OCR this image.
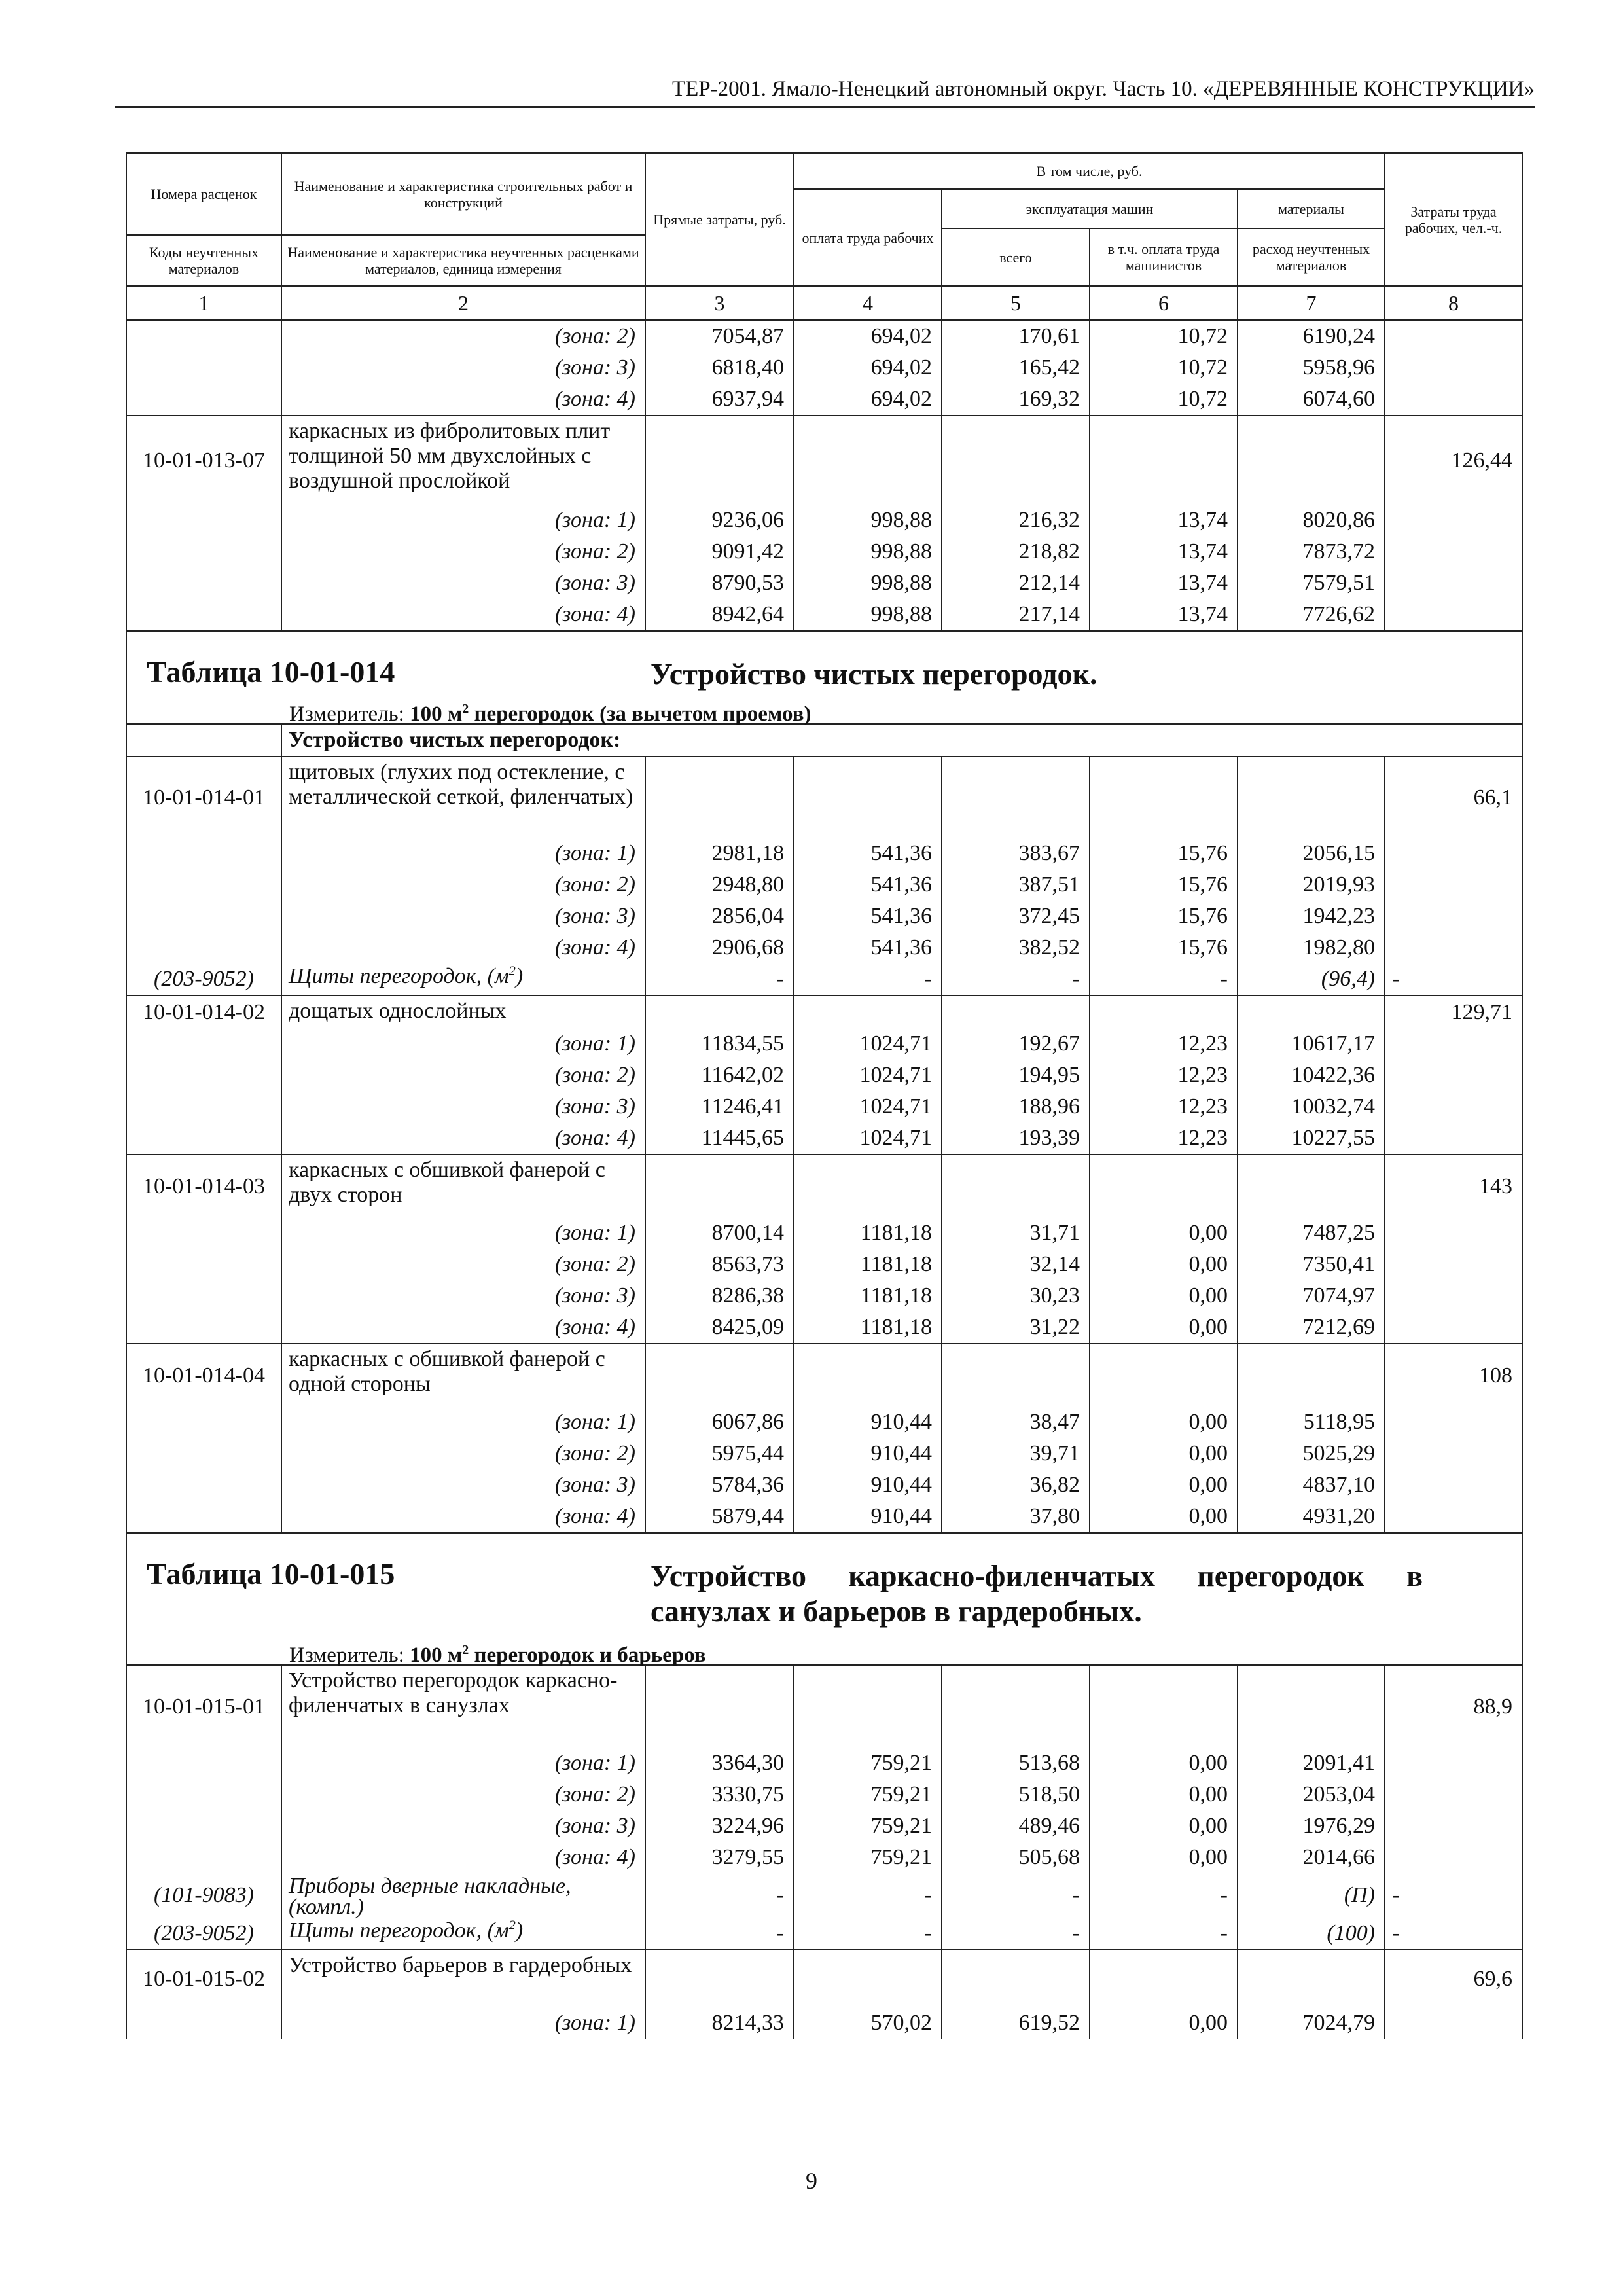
ТЕР-2001. Ямало-Ненецкий автономный округ. Часть 10. «ДЕРЕВЯННЫЕ КОНСТРУКЦИИ»
Номера расценок	Наименование и характеристика строительных работ и конструкций	Прямые затраты, руб.	В том числе, руб.				Затраты труда рабочих, чел.-ч.
			оплата труда рабочих	эксплуатация машин		материалы	
				всего	в т.ч. оплата труда машинистов	расход неучтенных материалов	
Коды неучтенных материалов	Наименование и характеристика неучтенных расценками материалов, единица измерения						
1	2	3	4	5	6	7	8
	(зона: 2)	7054,87	694,02	170,61	10,72	6190,24	
	(зона: 3)	6818,40	694,02	165,42	10,72	5958,96	
	(зона: 4)	6937,94	694,02	169,32	10,72	6074,60	
10-01-013-07	каркасных из фибролитовых плит толщиной 50 мм двухслойных с воздушной прослойкой						126,44
	(зона: 1)	9236,06	998,88	216,32	13,74	8020,86	
	(зона: 2)	9091,42	998,88	218,82	13,74	7873,72	
	(зона: 3)	8790,53	998,88	212,14	13,74	7579,51	
	(зона: 4)	8942,64	998,88	217,14	13,74	7726,62	

Таблица 10-01-014 Устройство чистых перегородок.
Измеритель: 100 $м^2$ перегородок (за вычетом проемов)							

	Устройство чистых перегородок:						
10-01-014-01	щитовых (глухих под остекление, с металлической сеткой, филенчатых)						66,1
	(зона: 1)	2981,18	541,36	383,67	15,76	2056,15	
	(зона: 2)	2948,80	541,36	387,51	15,76	2019,93	
	(зона: 3)	2856,04	541,36	372,45	15,76	1942,23	
	(зона: 4)	2906,68	541,36	382,52	15,76	1982,80	
(203-9052)	Щиты перегородок, $(м^2)$	-	-	-	-	(96,4)	-
10-01-014-02	дощатых однослойных						129,71
	(зона: 1)	11834,55	1024,71	192,67	12,23	10617,17	
	(зона: 2)	11642,02	1024,71	194,95	12,23	10422,36	
	(зона: 3)	11246,41	1024,71	188,96	12,23	10032,74	
	(зона: 4)	11445,65	1024,71	193,39	12,23	10227,55	
10-01-014-03	каркасных с обшивкой фанерой с двух сторон						143
	(зона: 1)	8700,14	1181,18	31,71	0,00	7487,25	
	(зона: 2)	8563,73	1181,18	32,14	0,00	7350,41	
	(зона: 3)	8286,38	1181,18	30,23	0,00	7074,97	
	(зона: 4)	8425,09	1181,18	31,22	0,00	7212,69	
10-01-014-04	каркасных с обшивкой фанерой с одной стороны						108
	(зона: 1)	6067,86	910,44	38,47	0,00	5118,95	
	(зона: 2)	5975,44	910,44	39,71	0,00	5025,29	
	(зона: 3)	5784,36	910,44	36,82	0,00	4837,10	
	(зона: 4)	5879,44	910,44	37,80	0,00	4931,20	

Таблица 10-01-015 Устройство каркасно-филенчатых перегородок в санузлах и барьеров в гардеробных.
Измеритель: 100 $м^2$ перегородок и барьеров							

10-01-015-01	Устройство перегородок каркасно-филенчатых в санузлах						88,9
	(зона: 1)	3364,30	759,21	513,68	0,00	2091,41	
	(зона: 2)	3330,75	759,21	518,50	0,00	2053,04	
	(зона: 3)	3224,96	759,21	489,46	0,00	1976,29	
	(зона: 4)	3279,55	759,21	505,68	0,00	2014,66	
(101-9083)	Приборы дверные накладные, (компл.)	-	-	-	-	(П)	-
(203-9052)	Щиты перегородок, $(м^2)$	-	-	-	-	(100)	-
10-01-015-02	Устройство барьеров в гардеробных						69,6
	(зона: 1)	8214,33	570,02	619,52	0,00	7024,79	
9
